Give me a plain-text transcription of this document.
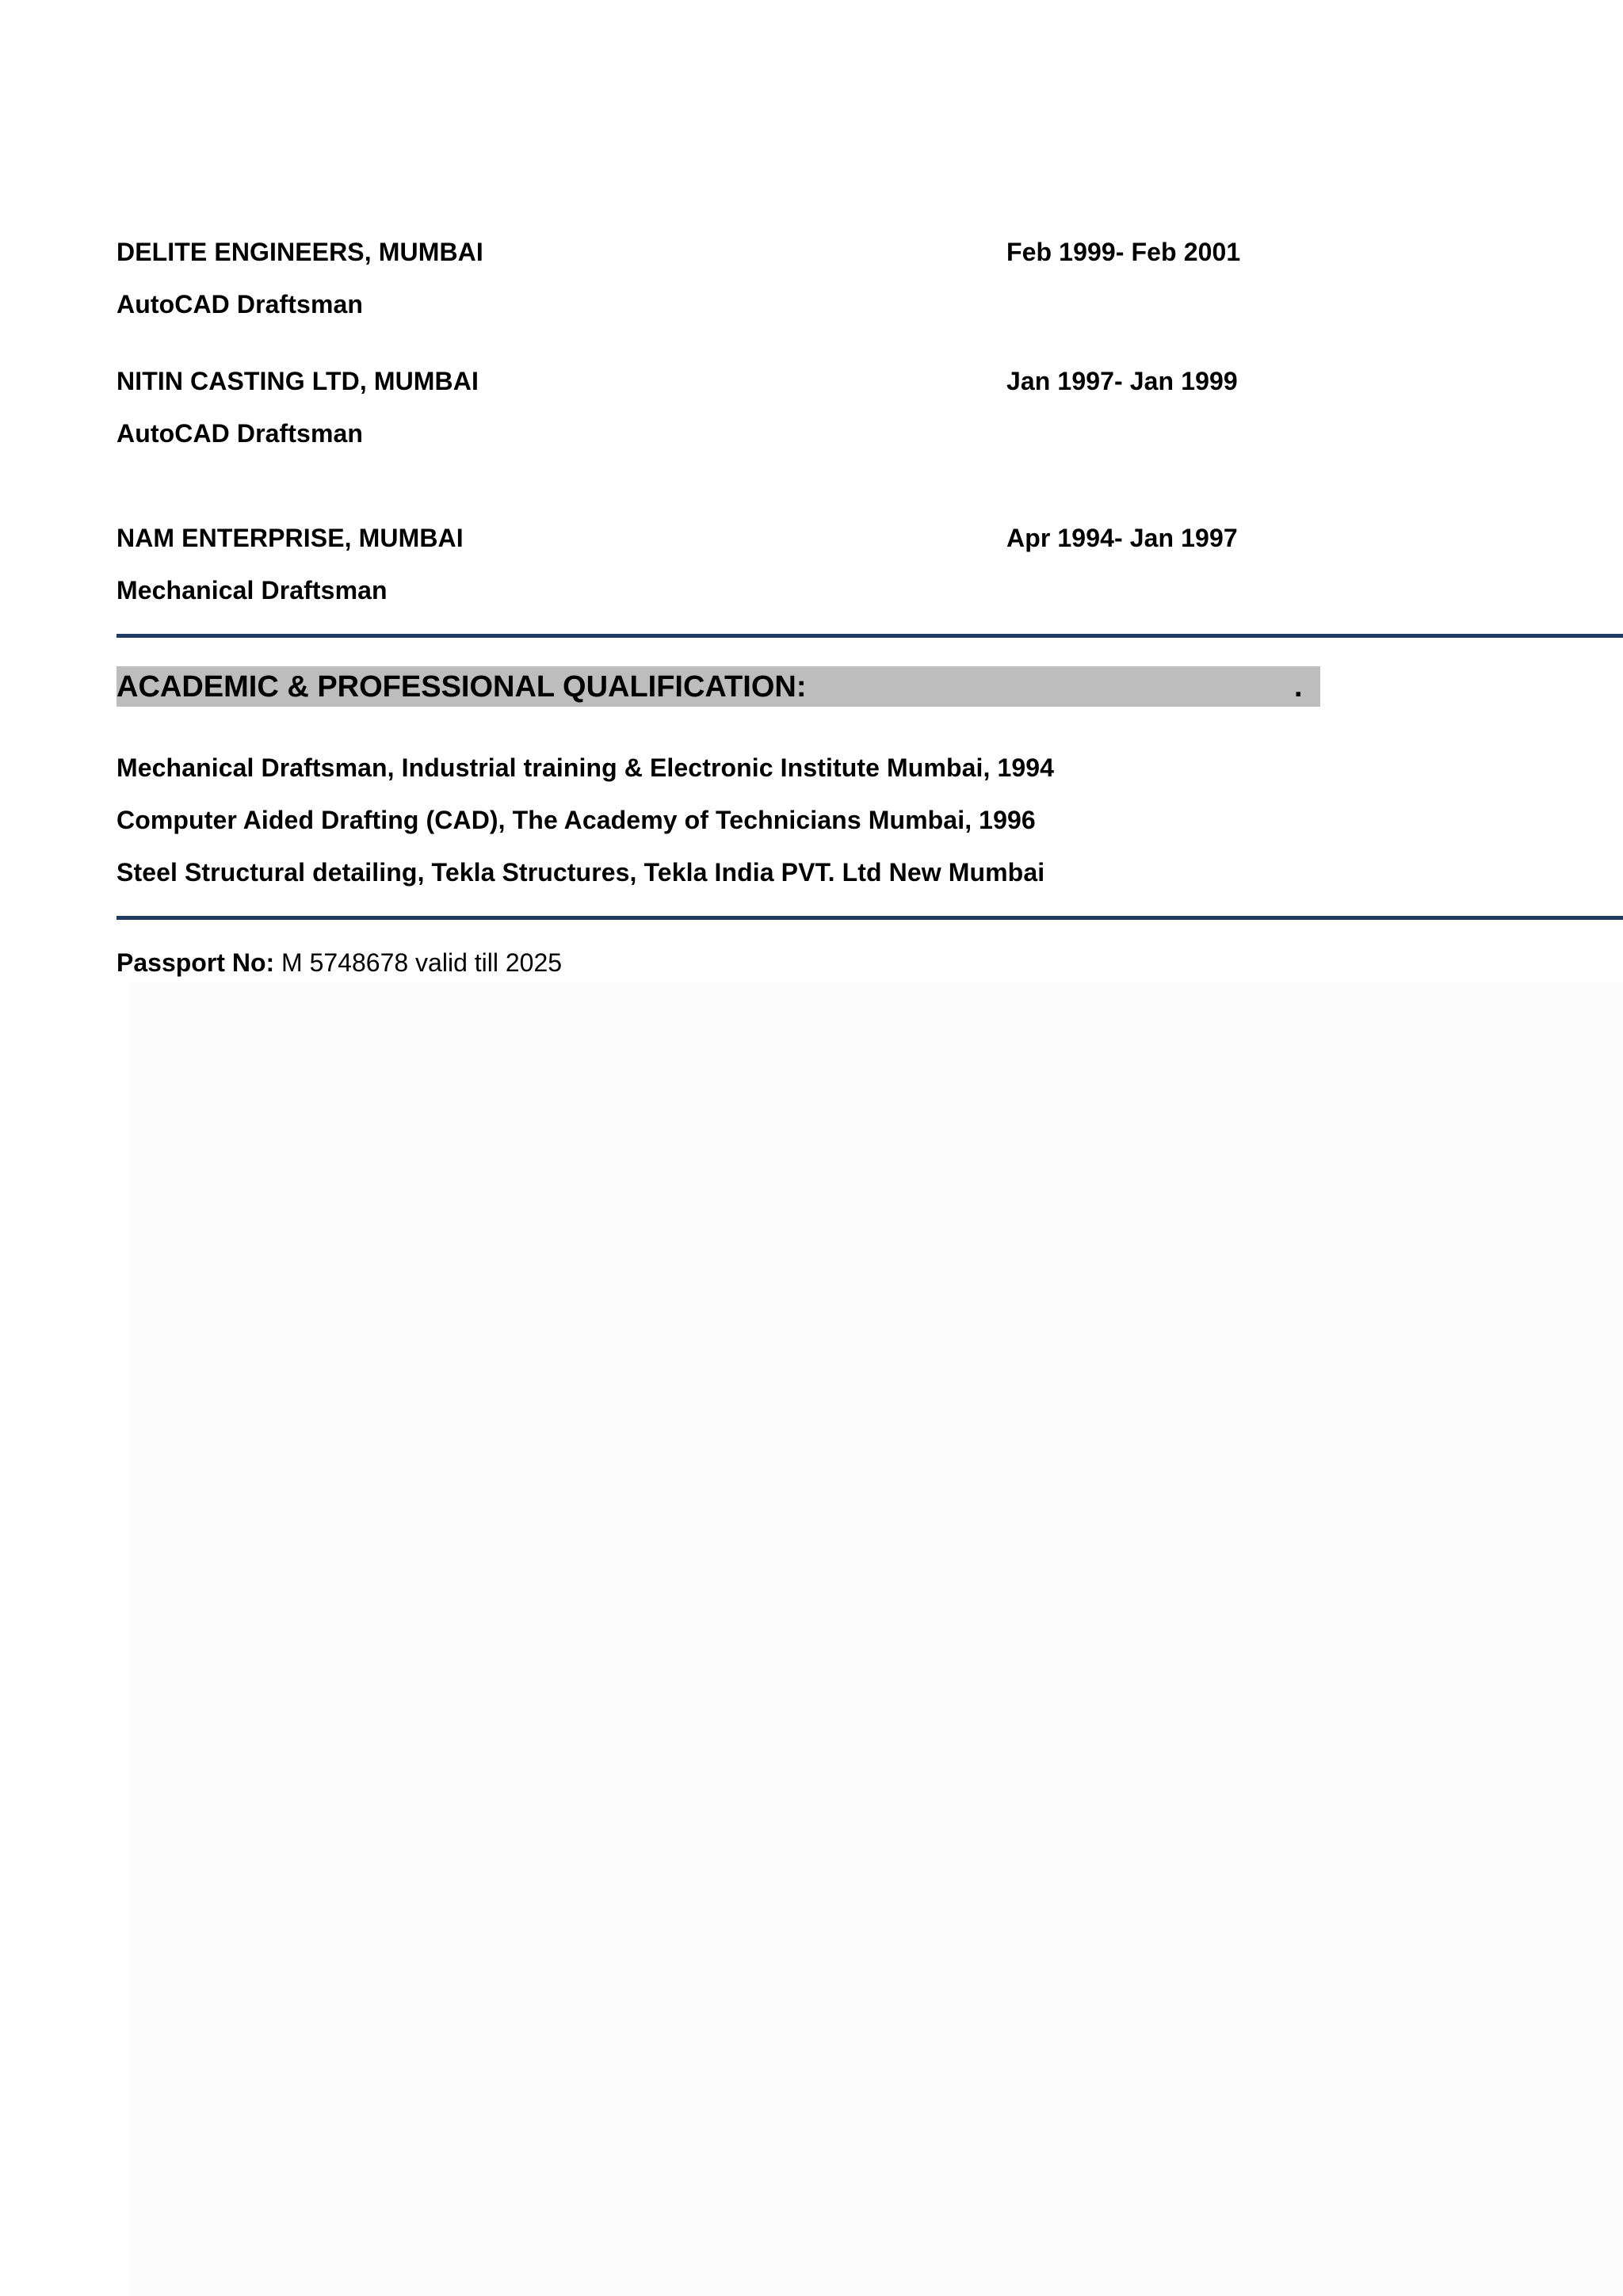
DELITE ENGINEERS, MUMBAI	Feb 1999- Feb 2001
AutoCAD Draftsman
NITIN CASTING LTD, MUMBAI	Jan 1997- Jan 1999
AutoCAD Draftsman
NAM ENTERPRISE, MUMBAI	Apr 1994- Jan 1997
Mechanical Draftsman
ACADEMIC & PROFESSIONAL QUALIFICATION:	.
Mechanical Draftsman, Industrial training & Electronic Institute Mumbai, 1994
Computer Aided Drafting (CAD), The Academy of Technicians Mumbai, 1996
Steel Structural detailing, Tekla Structures, Tekla India PVT. Ltd New Mumbai
Passport No: M 5748678 valid till 2025
